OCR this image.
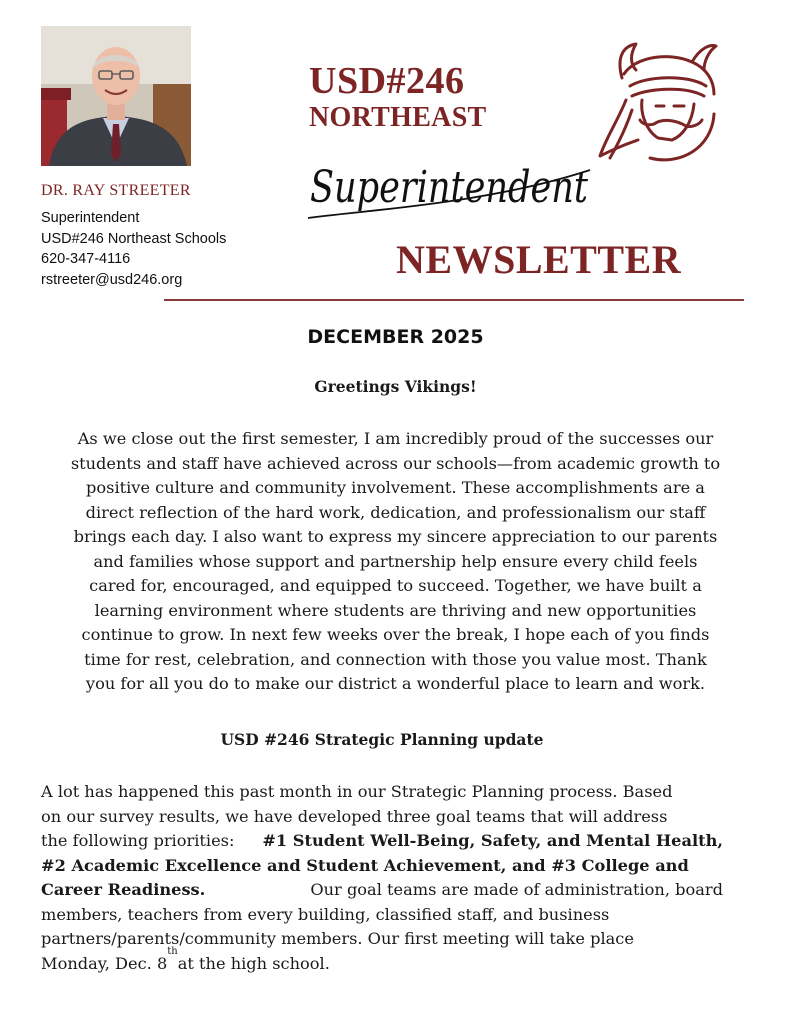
DR. RAY STREETER
Superintendent
USD#246 Northeast Schools
620-347-4116
rstreeter@usd246.org
USD#246
NORTHEAST
Superintendent
NEWSLETTER
DECEMBER 2025
Greetings Vikings!
As we close out the first semester, I am incredibly proud of the successes our
students and staff have achieved across our schools—from academic growth to
positive culture and community involvement. These accomplishments are a
direct reflection of the hard work, dedication, and professionalism our staff
brings each day. I also want to express my sincere appreciation to our parents
and families whose support and partnership help ensure every child feels
cared for, encouraged, and equipped to succeed. Together, we have built a
learning environment where students are thriving and new opportunities
continue to grow. In next few weeks over the break, I hope each of you finds
time for rest, celebration, and connection with those you value most. Thank
you for all you do to make our district a wonderful place to learn and work.
USD #246 Strategic Planning update
A lot has happened this past month in our Strategic Planning process. Based
on our survey results, we have developed three goal teams that will address
the following priorities: #1 Student Well-Being, Safety, and Mental Health,
#2 Academic Excellence and Student Achievement, and #3 College and
Career Readiness.	Our goal teams are made of administration, board
members, teachers from every building, classified staff, and business
partners/parents/community members. Our first meeting will take place
Monday, Dec. 8
th
at the high school.
